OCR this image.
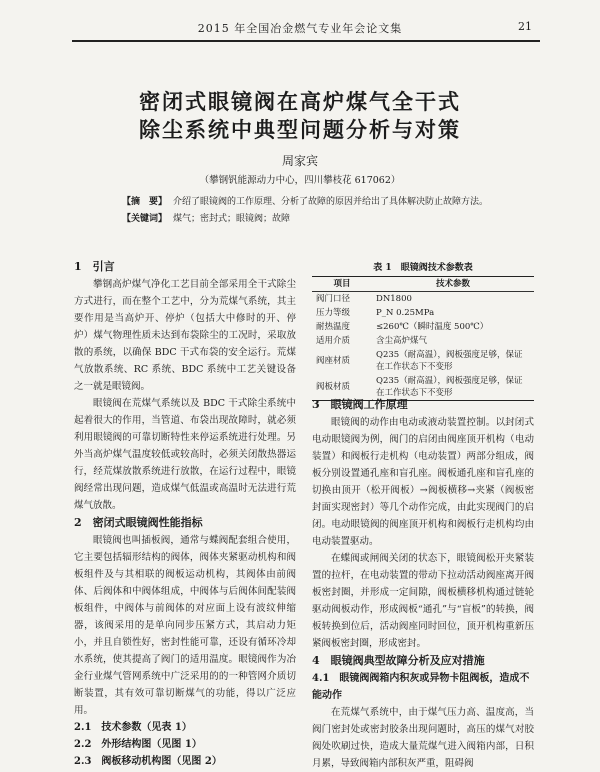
2015 年全国冶金燃气专业年会论文集	21
密闭式眼镜阀在高炉煤气全干式
除尘系统中典型问题分析与对策
周家宾
（攀钢钒能源动力中心，四川攀枝花 617062）
【摘　要】 介绍了眼镜阀的工作原理、分析了故障的原因并给出了具体解决防止故障方法。
【关键词】 煤气；密封式；眼镜阀；故障
1　引言

攀钢高炉煤气净化工艺目前全部采用全干式除尘方式进行，而在整个工艺中，分为荒煤气系统，其主要作用是当高炉开、停炉（包括大中修时的开、停炉）煤气物理性质未达到布袋除尘的工况时，采取放散的系统，以确保 BDC 干式布袋的安全运行。荒煤气放散系统、RC 系统、BDC 系统中工艺关键设备之一就是眼镜阀。

眼镜阀在荒煤气系统以及 BDC 干式除尘系统中起着很大的作用，当管道、布袋出现故障时，就必须利用眼镜阀的可靠切断特性来停运系统进行处理。另外当高炉煤气温度较低或较高时，必须关闭散热器运行，经荒煤放散系统进行放散，在运行过程中，眼镜阀经常出现问题，造成煤气低温或高温时无法进行荒煤气放散。

2　密闭式眼镜阀性能指标

眼镜阀也叫插板阀，通常与蝶阀配套组合使用，它主要包括辐形结构的阀体，阀体夹紧驱动机构和阀板组件及与其相联的阀板运动机构，其阀体由前阀体、后阀体和中阀体组成，中阀体与后阀体间配装阀板组件，中阀体与前阀体的对应面上设有波纹伸缩器，该阀采用的是单向同步压紧方式，其启动力矩小，并且自锁性好，密封性能可靠，还设有循环冷却水系统，使其提高了阀门的适用温度。眼镜阀作为冶金行业煤气管网系统中广泛采用的的一种管网介质切断装置，其有效可靠切断煤气的功能，得以广泛应用。

2.1　技术参数（见表 1）
2.2　外形结构图（见图 1）
2.3　阀板移动机构图（见图 2）
表 1　眼镜阀技术参数表
项目	技术参数
阀门口径	DN1800
压力等级	P_N 0.25MPa
耐热温度	≤260℃（瞬时温度 500℃）
适用介质	含尘高炉煤气
阀座材质	Q235（耐高温），阀板强度足够，保证在工作状态下不变形
阀板材质	Q235（耐高温），阀板强度足够，保证在工作状态下不变形
3　眼镜阀工作原理

眼镜阀的动作由电动或液动装置控制。以封闭式电动眼镜阀为例，阀门的启闭由阀座顶开机构（电动装置）和阀板行走机构（电动装置）两部分组成，阀板分别设置通孔座和盲孔座。阀板通孔座和盲孔座的切换由顶开（松开阀板）→阀板横移→夹紧（阀板密封面实现密封）等几个动作完成，由此实现阀门的启闭。电动眼镜阀的阀座顶开机构和阀板行走机构均由电动装置驱动。

在蝶阀或闸阀关闭的状态下，眼镜阀松开夹紧装置的拉杆，在电动装置的带动下拉动活动阀座离开阀板密封圈，并形成一定间隙，阀板横移机构通过链轮驱动阀板动作，形成阀板“通孔”与“盲板”的转换，阀板转换到位后，活动阀座同时回位，顶开机构重新压紧阀板密封圈，形成密封。

4　眼镜阀典型故障分析及应对措施
4.1　眼镜阀阀箱内积灰或异物卡阻阀板，造成不能动作

在荒煤气系统中，由于煤气压力高、温度高，当阀门密封处或密封胶条出现问题时，高压的煤气对胶阀处吹刷过快，造成大量荒煤气进入阀箱内部，日积月累，导致阀箱内部积灰严重，阻碍阀
